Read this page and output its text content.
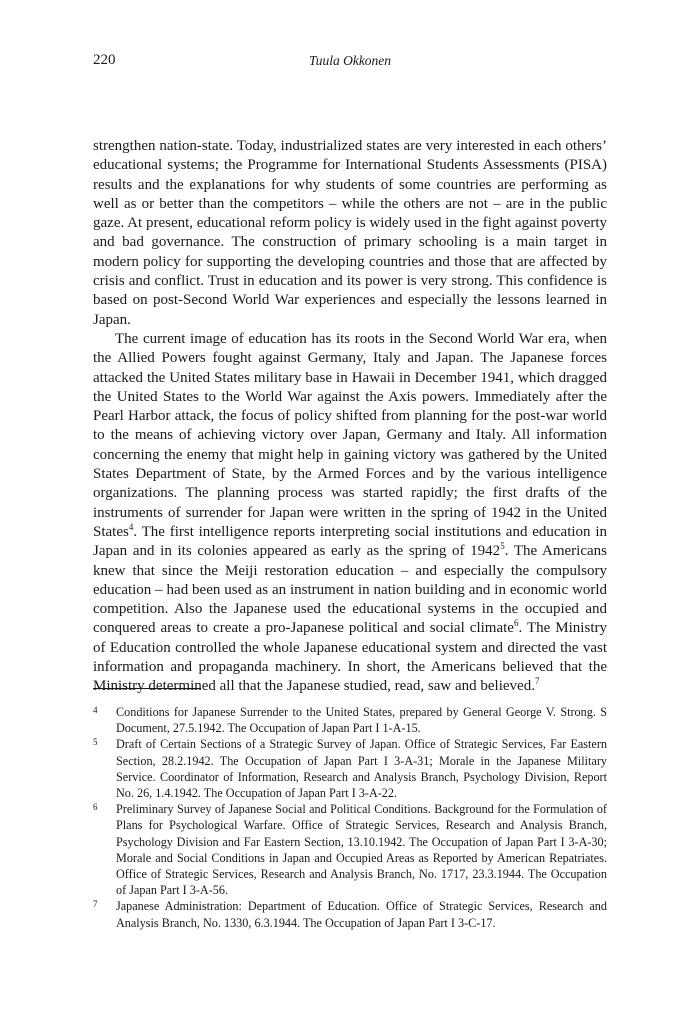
220	Tuula Okkonen

strengthen nation-state. Today, industrialized states are very interested in each others’ educational systems; the Programme for International Students Assessments (PISA) results and the explanations for why students of some countries are performing as well as or better than the competitors – while the others are not – are in the public gaze. At present, educational reform policy is widely used in the fight against poverty and bad governance. The construction of primary schooling is a main target in modern policy for supporting the developing countries and those that are affected by crisis and conflict. Trust in education and its power is very strong. This confidence is based on post-Second World War experiences and especially the lessons learned in Japan.

The current image of education has its roots in the Second World War era, when the Allied Powers fought against Germany, Italy and Japan. The Japanese forces attacked the United States military base in Hawaii in December 1941, which dragged the United States to the World War against the Axis powers. Immediately after the Pearl Harbor attack, the focus of policy shifted from planning for the post-war world to the means of achieving victory over Japan, Germany and Italy. All information concerning the enemy that might help in gaining victory was gathered by the United States Department of State, by the Armed Forces and by the various intelligence organizations. The planning process was started rapidly; the first drafts of the instruments of surrender for Japan were written in the spring of 1942 in the United States$^4$. The first intelligence reports interpreting social institutions and education in Japan and in its colonies appeared as early as the spring of 1942$^5$. The Americans knew that since the Meiji restoration education – and especially the compulsory education – had been used as an instrument in nation building and in economic world competition. Also the Japanese used the educational systems in the occupied and conquered areas to create a pro-Japanese political and social climate$^6$. The Ministry of Education controlled the whole Japanese educational system and directed the vast information and propaganda machinery. In short, the Americans believed that the Ministry determined all that the Japanese studied, read, saw and believed.$^7$

4 Conditions for Japanese Surrender to the United States, prepared by General George V. Strong. S Document, 27.5.1942. The Occupation of Japan Part I 1-A-15.

5 Draft of Certain Sections of a Strategic Survey of Japan. Office of Strategic Services, Far Eastern Section, 28.2.1942. The Occupation of Japan Part I 3-A-31; Morale in the Japanese Military Service. Coordinator of Information, Research and Analysis Branch, Psychology Division, Report No. 26, 1.4.1942. The Occupation of Japan Part I 3-A-22.

6 Preliminary Survey of Japanese Social and Political Conditions. Background for the Formulation of Plans for Psychological Warfare. Office of Strategic Services, Research and Analysis Branch, Psychology Division and Far Eastern Section, 13.10.1942. The Occupation of Japan Part I 3-A-30; Morale and Social Conditions in Japan and Occupied Areas as Reported by American Repatriates. Office of Strategic Services, Research and Analysis Branch, No. 1717, 23.3.1944. The Occupation of Japan Part I 3-A-56.

7 Japanese Administration: Department of Education. Office of Strategic Services, Research and Analysis Branch, No. 1330, 6.3.1944. The Occupation of Japan Part I 3-C-17.
